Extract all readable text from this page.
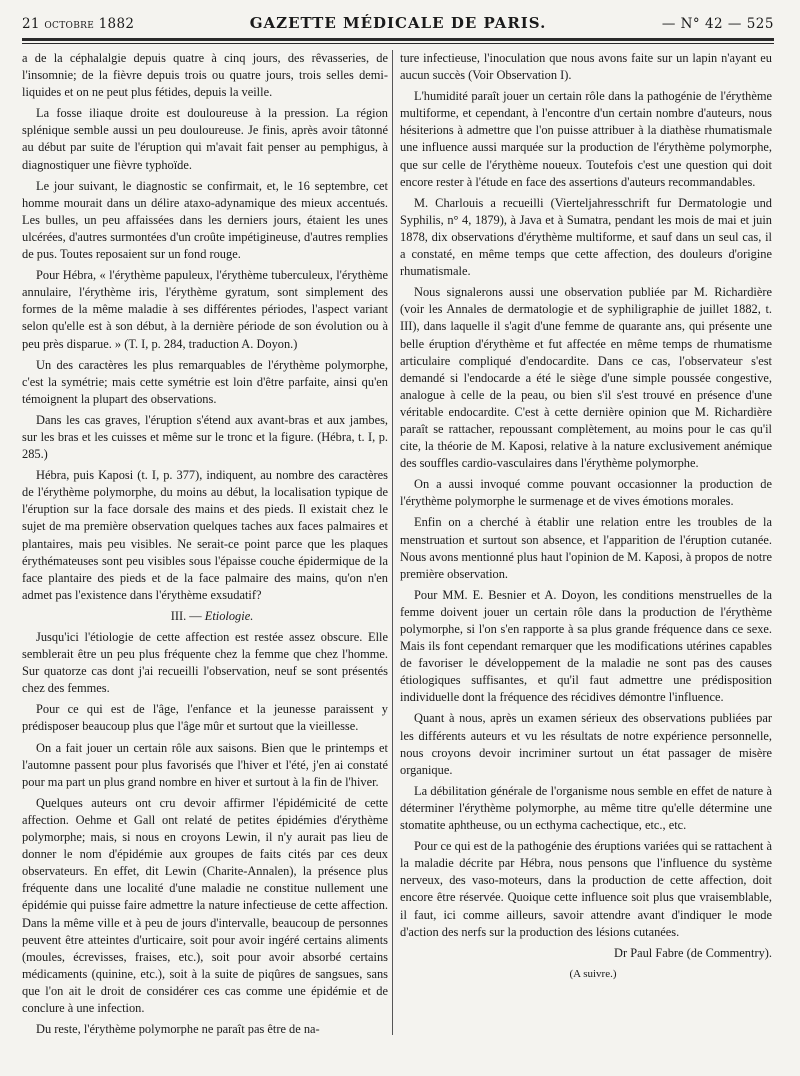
21 octobre 1882	GAZETTE MÉDICALE DE PARIS.	— N° 42 — 525

a de la céphalalgie depuis quatre à cinq jours, des rêvasseries, de l'insomnie; de la fièvre depuis trois ou quatre jours, trois selles demi-liquides et on ne peut plus fétides, depuis la veille.

La fosse iliaque droite est douloureuse à la pression. La région splénique semble aussi un peu douloureuse. Je finis, après avoir tâtonné au début par suite de l'éruption qui m'avait fait penser au pemphigus, à diagnostiquer une fièvre typhoïde.

Le jour suivant, le diagnostic se confirmait, et, le 16 septembre, cet homme mourait dans un délire ataxo-adynamique des mieux accentués. Les bulles, un peu affaissées dans les derniers jours, étaient les unes ulcérées, d'autres surmontées d'un croûte impétigineuse, d'autres remplies de pus. Toutes reposaient sur un fond rouge.

Pour Hébra, « l'érythème papuleux, l'érythème tuberculeux, l'érythème annulaire, l'érythème iris, l'érythème gyratum, sont simplement des formes de la même maladie à ses différentes périodes, l'aspect variant selon qu'elle est à son début, à la dernière période de son évolution ou à peu près disparue. » (T. I, p. 284, traduction A. Doyon.)

Un des caractères les plus remarquables de l'érythème polymorphe, c'est la symétrie; mais cette symétrie est loin d'être parfaite, ainsi qu'en témoignent la plupart des observations.

Dans les cas graves, l'éruption s'étend aux avant-bras et aux jambes, sur les bras et les cuisses et même sur le tronc et la figure. (Hébra, t. I, p. 285.)

Hébra, puis Kaposi (t. I, p. 377), indiquent, au nombre des caractères de l'érythème polymorphe, du moins au début, la localisation typique de l'éruption sur la face dorsale des mains et des pieds. Il existait chez le sujet de ma première observation quelques taches aux faces palmaires et plantaires, mais peu visibles. Ne serait-ce point parce que les plaques érythémateuses sont peu visibles sous l'épaisse couche épidermique de la face plantaire des pieds et de la face palmaire des mains, qu'on n'en admet pas l'existence dans l'érythème exsudatif?

III. — Etiologie.

Jusqu'ici l'étiologie de cette affection est restée assez obscure. Elle semblerait être un peu plus fréquente chez la femme que chez l'homme. Sur quatorze cas dont j'ai recueilli l'observation, neuf se sont présentés chez des femmes.

Pour ce qui est de l'âge, l'enfance et la jeunesse paraissent y prédisposer beaucoup plus que l'âge mûr et surtout que la vieillesse.

On a fait jouer un certain rôle aux saisons. Bien que le printemps et l'automne passent pour plus favorisés que l'hiver et l'été, j'en ai constaté pour ma part un plus grand nombre en hiver et surtout à la fin de l'hiver.

Quelques auteurs ont cru devoir affirmer l'épidémicité de cette affection. Oehme et Gall ont relaté de petites épidémies d'érythème polymorphe; mais, si nous en croyons Lewin, il n'y aurait pas lieu de donner le nom d'épidémie aux groupes de faits cités par ces deux observateurs. En effet, dit Lewin (Charite-Annalen), la présence plus fréquente dans une localité d'une maladie ne constitue nullement une épidémie qui puisse faire admettre la nature infectieuse de cette affection. Dans la même ville et à peu de jours d'intervalle, beaucoup de personnes peuvent être atteintes d'urticaire, soit pour avoir ingéré certains aliments (moules, écrevisses, fraises, etc.), soit pour avoir absorbé certains médicaments (quinine, etc.), soit à la suite de piqûres de sangsues, sans que l'on ait le droit de considérer ces cas comme une épidémie et de conclure à une infection.

Du reste, l'érythème polymorphe ne paraît pas être de na-

ture infectieuse, l'inoculation que nous avons faite sur un lapin n'ayant eu aucun succès (Voir Observation I).

L'humidité paraît jouer un certain rôle dans la pathogénie de l'érythème multiforme, et cependant, à l'encontre d'un certain nombre d'auteurs, nous hésiterions à admettre que l'on puisse attribuer à la diathèse rhumatismale une influence aussi marquée sur la production de l'érythème polymorphe, que sur celle de l'érythème noueux. Toutefois c'est une question qui doit encore rester à l'étude en face des assertions d'auteurs recommandables.

M. Charlouis a recueilli (Vierteljahresschrift fur Dermatologie und Syphilis, n° 4, 1879), à Java et à Sumatra, pendant les mois de mai et juin 1878, dix observations d'érythème multiforme, et sauf dans un seul cas, il a constaté, en même temps que cette affection, des douleurs d'origine rhumatismale.

Nous signalerons aussi une observation publiée par M. Richardière (voir les Annales de dermatologie et de syphiligraphie de juillet 1882, t. III), dans laquelle il s'agit d'une femme de quarante ans, qui présente une belle éruption d'érythème et fut affectée en même temps de rhumatisme articulaire compliqué d'endocardite. Dans ce cas, l'observateur s'est demandé si l'endocarde a été le siège d'une simple poussée congestive, analogue à celle de la peau, ou bien s'il s'est trouvé en présence d'une véritable endocardite. C'est à cette dernière opinion que M. Richardière paraît se rattacher, repoussant complètement, au moins pour le cas qu'il cite, la théorie de M. Kaposi, relative à la nature exclusivement anémique des souffles cardio-vasculaires dans l'érythème polymorphe.

On a aussi invoqué comme pouvant occasionner la production de l'érythème polymorphe le surmenage et de vives émotions morales.

Enfin on a cherché à établir une relation entre les troubles de la menstruation et surtout son absence, et l'apparition de l'éruption cutanée. Nous avons mentionné plus haut l'opinion de M. Kaposi, à propos de notre première observation.

Pour MM. E. Besnier et A. Doyon, les conditions menstruelles de la femme doivent jouer un certain rôle dans la production de l'érythème polymorphe, si l'on s'en rapporte à sa plus grande fréquence dans ce sexe. Mais ils font cependant remarquer que les modifications utérines capables de favoriser le développement de la maladie ne sont pas des causes étiologiques suffisantes, et qu'il faut admettre une prédisposition individuelle dont la fréquence des récidives démontre l'influence.

Quant à nous, après un examen sérieux des observations publiées par les différents auteurs et vu les résultats de notre expérience personnelle, nous croyons devoir incriminer surtout un état passager de misère organique.

La débilitation générale de l'organisme nous semble en effet de nature à déterminer l'érythème polymorphe, au même titre qu'elle détermine une stomatite aphtheuse, ou un ecthyma cachectique, etc., etc.

Pour ce qui est de la pathogénie des éruptions variées qui se rattachent à la maladie décrite par Hébra, nous pensons que l'influence du système nerveux, des vaso-moteurs, dans la production de cette affection, doit encore être réservée. Quoique cette influence soit plus que vraisemblable, il faut, ici comme ailleurs, savoir attendre avant d'indiquer le mode d'action des nerfs sur la production des lésions cutanées.

Dr Paul Fabre (de Commentry).

(A suivre.)
